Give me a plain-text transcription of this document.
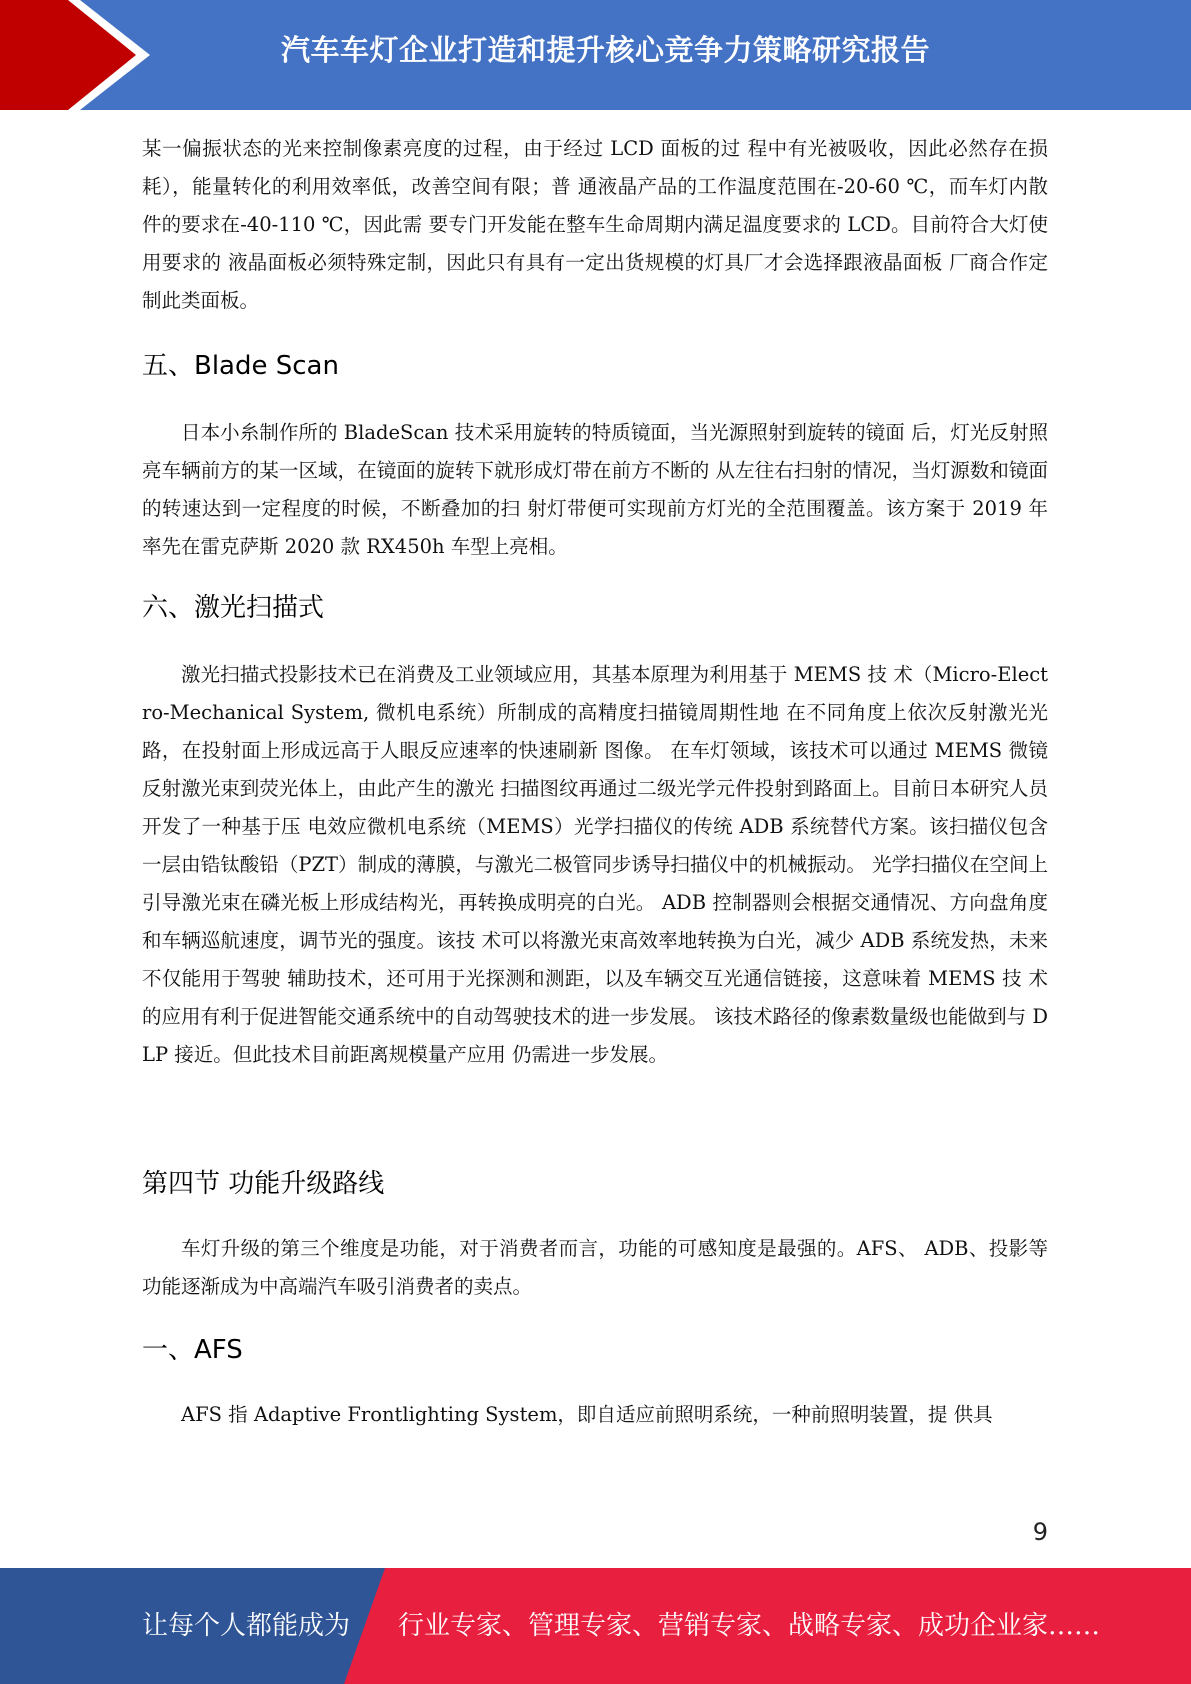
汽车车灯企业打造和提升核心竞争力策略研究报告

某一偏振状态的光来控制像素亮度的过程，由于经过 LCD 面板的过 程中有光被吸收，因此必然存在损耗），能量转化的利用效率低，改善空间有限；普 通液晶产品的工作温度范围在-20-60 ℃，而车灯内散件的要求在-40-110 ℃，因此需 要专门开发能在整车生命周期内满足温度要求的 LCD。目前符合大灯使用要求的 液晶面板必须特殊定制，因此只有具有一定出货规模的灯具厂才会选择跟液晶面板 厂商合作定制此类面板。

五、Blade Scan

日本小糸制作所的 BladeScan 技术采用旋转的特质镜面，当光源照射到旋转的镜面 后，灯光反射照亮车辆前方的某一区域，在镜面的旋转下就形成灯带在前方不断的 从左往右扫射的情况，当灯源数和镜面的转速达到一定程度的时候，不断叠加的扫 射灯带便可实现前方灯光的全范围覆盖。该方案于 2019 年率先在雷克萨斯 2020 款 RX450h 车型上亮相。

六、激光扫描式

激光扫描式投影技术已在消费及工业领域应用，其基本原理为利用基于 MEMS 技 术（Micro-Electro-Mechanical System, 微机电系统）所制成的高精度扫描镜周期性地 在不同角度上依次反射激光光路，在投射面上形成远高于人眼反应速率的快速刷新 图像。 在车灯领域，该技术可以通过 MEMS 微镜反射激光束到荧光体上，由此产生的激光 扫描图纹再通过二级光学元件投射到路面上。目前日本研究人员开发了一种基于压 电效应微机电系统（MEMS）光学扫描仪的传统 ADB 系统替代方案。该扫描仪包含 一层由锆钛酸铅（PZT）制成的薄膜，与激光二极管同步诱导扫描仪中的机械振动。 光学扫描仪在空间上引导激光束在磷光板上形成结构光，再转换成明亮的白光。 ADB 控制器则会根据交通情况、方向盘角度和车辆巡航速度，调节光的强度。该技 术可以将激光束高效率地转换为白光，减少 ADB 系统发热，未来不仅能用于驾驶 辅助技术，还可用于光探测和测距，以及车辆交互光通信链接，这意味着 MEMS 技 术的应用有利于促进智能交通系统中的自动驾驶技术的进一步发展。 该技术路径的像素数量级也能做到与 DLP 接近。但此技术目前距离规模量产应用 仍需进一步发展。

第四节 功能升级路线

车灯升级的第三个维度是功能，对于消费者而言，功能的可感知度是最强的。AFS、 ADB、投影等功能逐渐成为中高端汽车吸引消费者的卖点。

一、AFS

AFS 指 Adaptive Frontlighting System，即自适应前照明系统，一种前照明装置，提 供具

9
让每个人都能成为 行业专家、管理专家、营销专家、战略专家、成功企业家……
